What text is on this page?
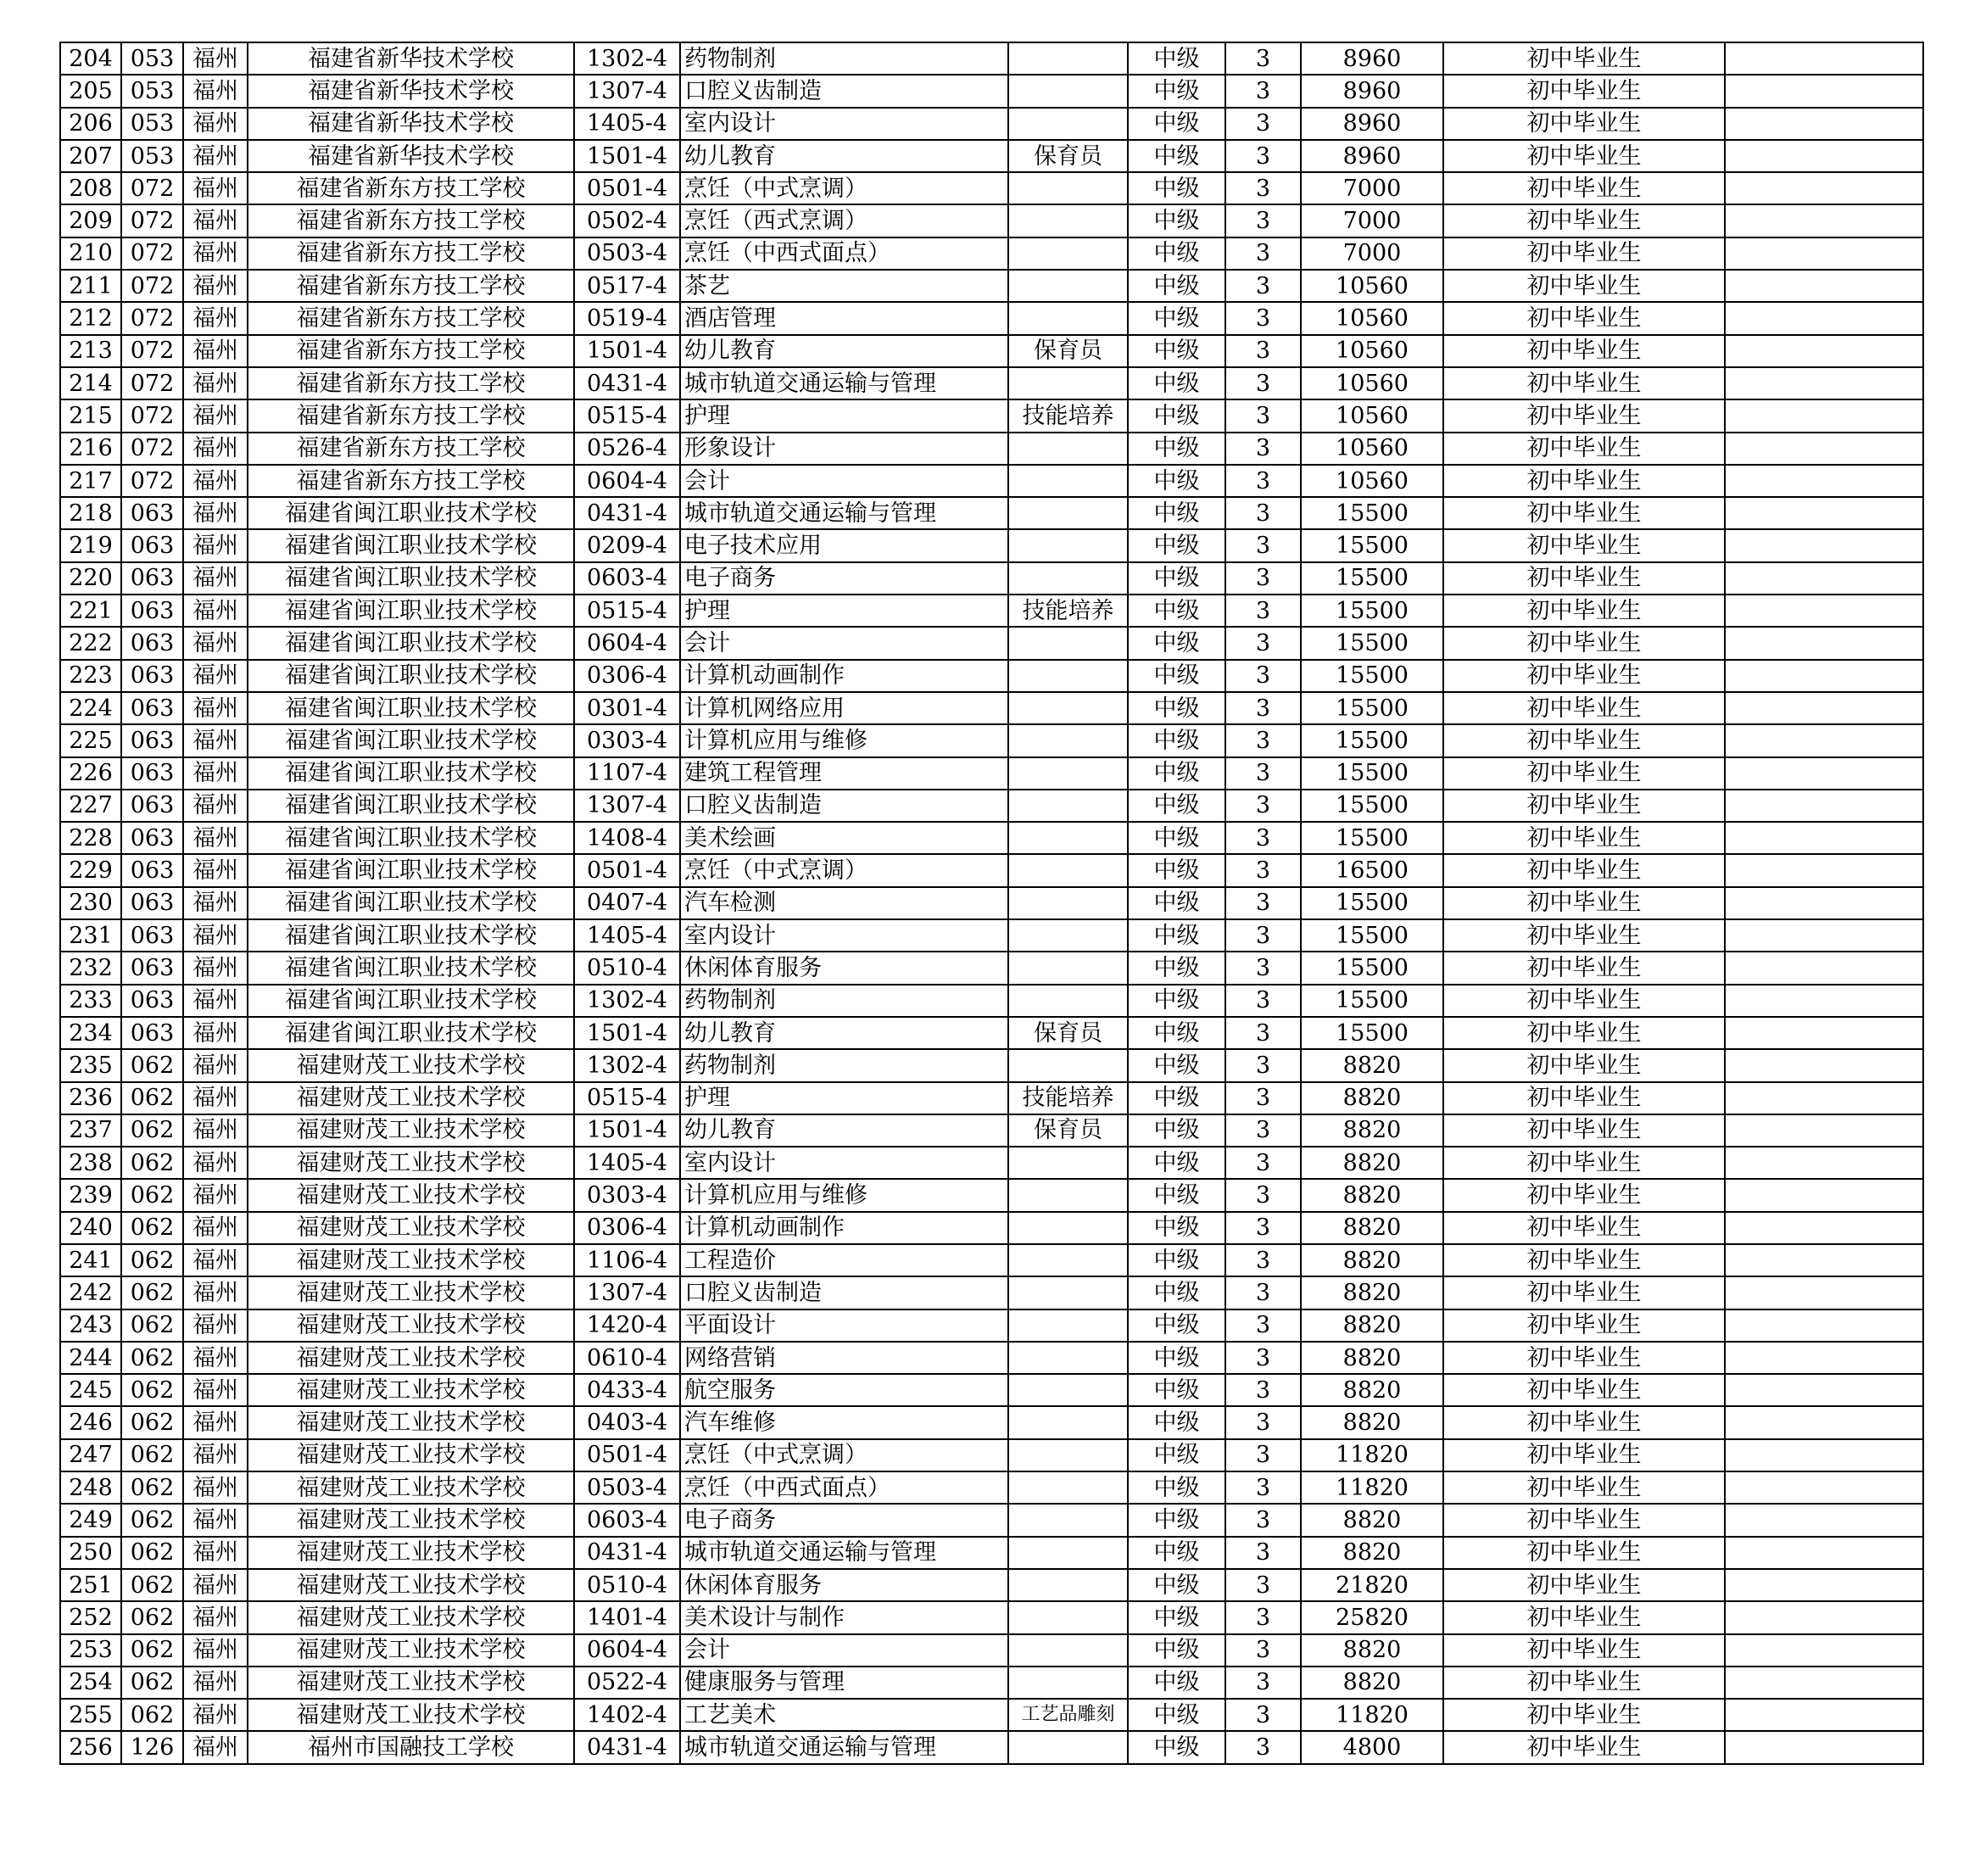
204	053	福州	福建省新华技术学校	1302-4	药物制剂		中级	3	8960	初中毕业生	
205	053	福州	福建省新华技术学校	1307-4	口腔义齿制造		中级	3	8960	初中毕业生	
206	053	福州	福建省新华技术学校	1405-4	室内设计		中级	3	8960	初中毕业生	
207	053	福州	福建省新华技术学校	1501-4	幼儿教育	保育员	中级	3	8960	初中毕业生	
208	072	福州	福建省新东方技工学校	0501-4	烹饪（中式烹调）		中级	3	7000	初中毕业生	
209	072	福州	福建省新东方技工学校	0502-4	烹饪（西式烹调）		中级	3	7000	初中毕业生	
210	072	福州	福建省新东方技工学校	0503-4	烹饪（中西式面点）		中级	3	7000	初中毕业生	
211	072	福州	福建省新东方技工学校	0517-4	茶艺		中级	3	10560	初中毕业生	
212	072	福州	福建省新东方技工学校	0519-4	酒店管理		中级	3	10560	初中毕业生	
213	072	福州	福建省新东方技工学校	1501-4	幼儿教育	保育员	中级	3	10560	初中毕业生	
214	072	福州	福建省新东方技工学校	0431-4	城市轨道交通运输与管理		中级	3	10560	初中毕业生	
215	072	福州	福建省新东方技工学校	0515-4	护理	技能培养	中级	3	10560	初中毕业生	
216	072	福州	福建省新东方技工学校	0526-4	形象设计		中级	3	10560	初中毕业生	
217	072	福州	福建省新东方技工学校	0604-4	会计		中级	3	10560	初中毕业生	
218	063	福州	福建省闽江职业技术学校	0431-4	城市轨道交通运输与管理		中级	3	15500	初中毕业生	
219	063	福州	福建省闽江职业技术学校	0209-4	电子技术应用		中级	3	15500	初中毕业生	
220	063	福州	福建省闽江职业技术学校	0603-4	电子商务		中级	3	15500	初中毕业生	
221	063	福州	福建省闽江职业技术学校	0515-4	护理	技能培养	中级	3	15500	初中毕业生	
222	063	福州	福建省闽江职业技术学校	0604-4	会计		中级	3	15500	初中毕业生	
223	063	福州	福建省闽江职业技术学校	0306-4	计算机动画制作		中级	3	15500	初中毕业生	
224	063	福州	福建省闽江职业技术学校	0301-4	计算机网络应用		中级	3	15500	初中毕业生	
225	063	福州	福建省闽江职业技术学校	0303-4	计算机应用与维修		中级	3	15500	初中毕业生	
226	063	福州	福建省闽江职业技术学校	1107-4	建筑工程管理		中级	3	15500	初中毕业生	
227	063	福州	福建省闽江职业技术学校	1307-4	口腔义齿制造		中级	3	15500	初中毕业生	
228	063	福州	福建省闽江职业技术学校	1408-4	美术绘画		中级	3	15500	初中毕业生	
229	063	福州	福建省闽江职业技术学校	0501-4	烹饪（中式烹调）		中级	3	16500	初中毕业生	
230	063	福州	福建省闽江职业技术学校	0407-4	汽车检测		中级	3	15500	初中毕业生	
231	063	福州	福建省闽江职业技术学校	1405-4	室内设计		中级	3	15500	初中毕业生	
232	063	福州	福建省闽江职业技术学校	0510-4	休闲体育服务		中级	3	15500	初中毕业生	
233	063	福州	福建省闽江职业技术学校	1302-4	药物制剂		中级	3	15500	初中毕业生	
234	063	福州	福建省闽江职业技术学校	1501-4	幼儿教育	保育员	中级	3	15500	初中毕业生	
235	062	福州	福建财茂工业技术学校	1302-4	药物制剂		中级	3	8820	初中毕业生	
236	062	福州	福建财茂工业技术学校	0515-4	护理	技能培养	中级	3	8820	初中毕业生	
237	062	福州	福建财茂工业技术学校	1501-4	幼儿教育	保育员	中级	3	8820	初中毕业生	
238	062	福州	福建财茂工业技术学校	1405-4	室内设计		中级	3	8820	初中毕业生	
239	062	福州	福建财茂工业技术学校	0303-4	计算机应用与维修		中级	3	8820	初中毕业生	
240	062	福州	福建财茂工业技术学校	0306-4	计算机动画制作		中级	3	8820	初中毕业生	
241	062	福州	福建财茂工业技术学校	1106-4	工程造价		中级	3	8820	初中毕业生	
242	062	福州	福建财茂工业技术学校	1307-4	口腔义齿制造		中级	3	8820	初中毕业生	
243	062	福州	福建财茂工业技术学校	1420-4	平面设计		中级	3	8820	初中毕业生	
244	062	福州	福建财茂工业技术学校	0610-4	网络营销		中级	3	8820	初中毕业生	
245	062	福州	福建财茂工业技术学校	0433-4	航空服务		中级	3	8820	初中毕业生	
246	062	福州	福建财茂工业技术学校	0403-4	汽车维修		中级	3	8820	初中毕业生	
247	062	福州	福建财茂工业技术学校	0501-4	烹饪（中式烹调）		中级	3	11820	初中毕业生	
248	062	福州	福建财茂工业技术学校	0503-4	烹饪（中西式面点）		中级	3	11820	初中毕业生	
249	062	福州	福建财茂工业技术学校	0603-4	电子商务		中级	3	8820	初中毕业生	
250	062	福州	福建财茂工业技术学校	0431-4	城市轨道交通运输与管理		中级	3	8820	初中毕业生	
251	062	福州	福建财茂工业技术学校	0510-4	休闲体育服务		中级	3	21820	初中毕业生	
252	062	福州	福建财茂工业技术学校	1401-4	美术设计与制作		中级	3	25820	初中毕业生	
253	062	福州	福建财茂工业技术学校	0604-4	会计		中级	3	8820	初中毕业生	
254	062	福州	福建财茂工业技术学校	0522-4	健康服务与管理		中级	3	8820	初中毕业生	
255	062	福州	福建财茂工业技术学校	1402-4	工艺美术	工艺品雕刻	中级	3	11820	初中毕业生	
256	126	福州	福州市国融技工学校	0431-4	城市轨道交通运输与管理		中级	3	4800	初中毕业生	
